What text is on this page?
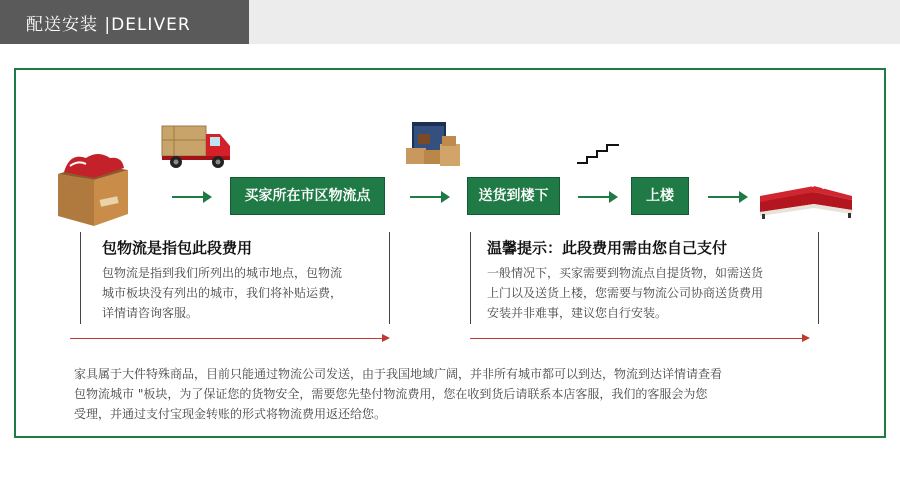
配送安装 |DELIVER
买家所在市区物流点	送货到楼下	上楼
包物流是指包此段费用
包物流是指到我们所列出的城市地点，包物流
城市板块没有列出的城市，我们将补贴运费，
详情请咨询客服。
温馨提示：此段费用需由您自己支付
一般情况下，买家需要到物流点自提货物，如需送货
上门以及送货上楼，您需要与物流公司协商送货费用
安装并非难事，建议您自行安装。
家具属于大件特殊商品，目前只能通过物流公司发送，由于我国地域广阔，并非所有城市都可以到达，物流到达详情请查看
包物流城市 "板块，为了保证您的货物安全，需要您先垫付物流费用，您在收到货后请联系本店客服，我们的客服会为您
受理，并通过支付宝现金转账的形式将物流费用返还给您。
